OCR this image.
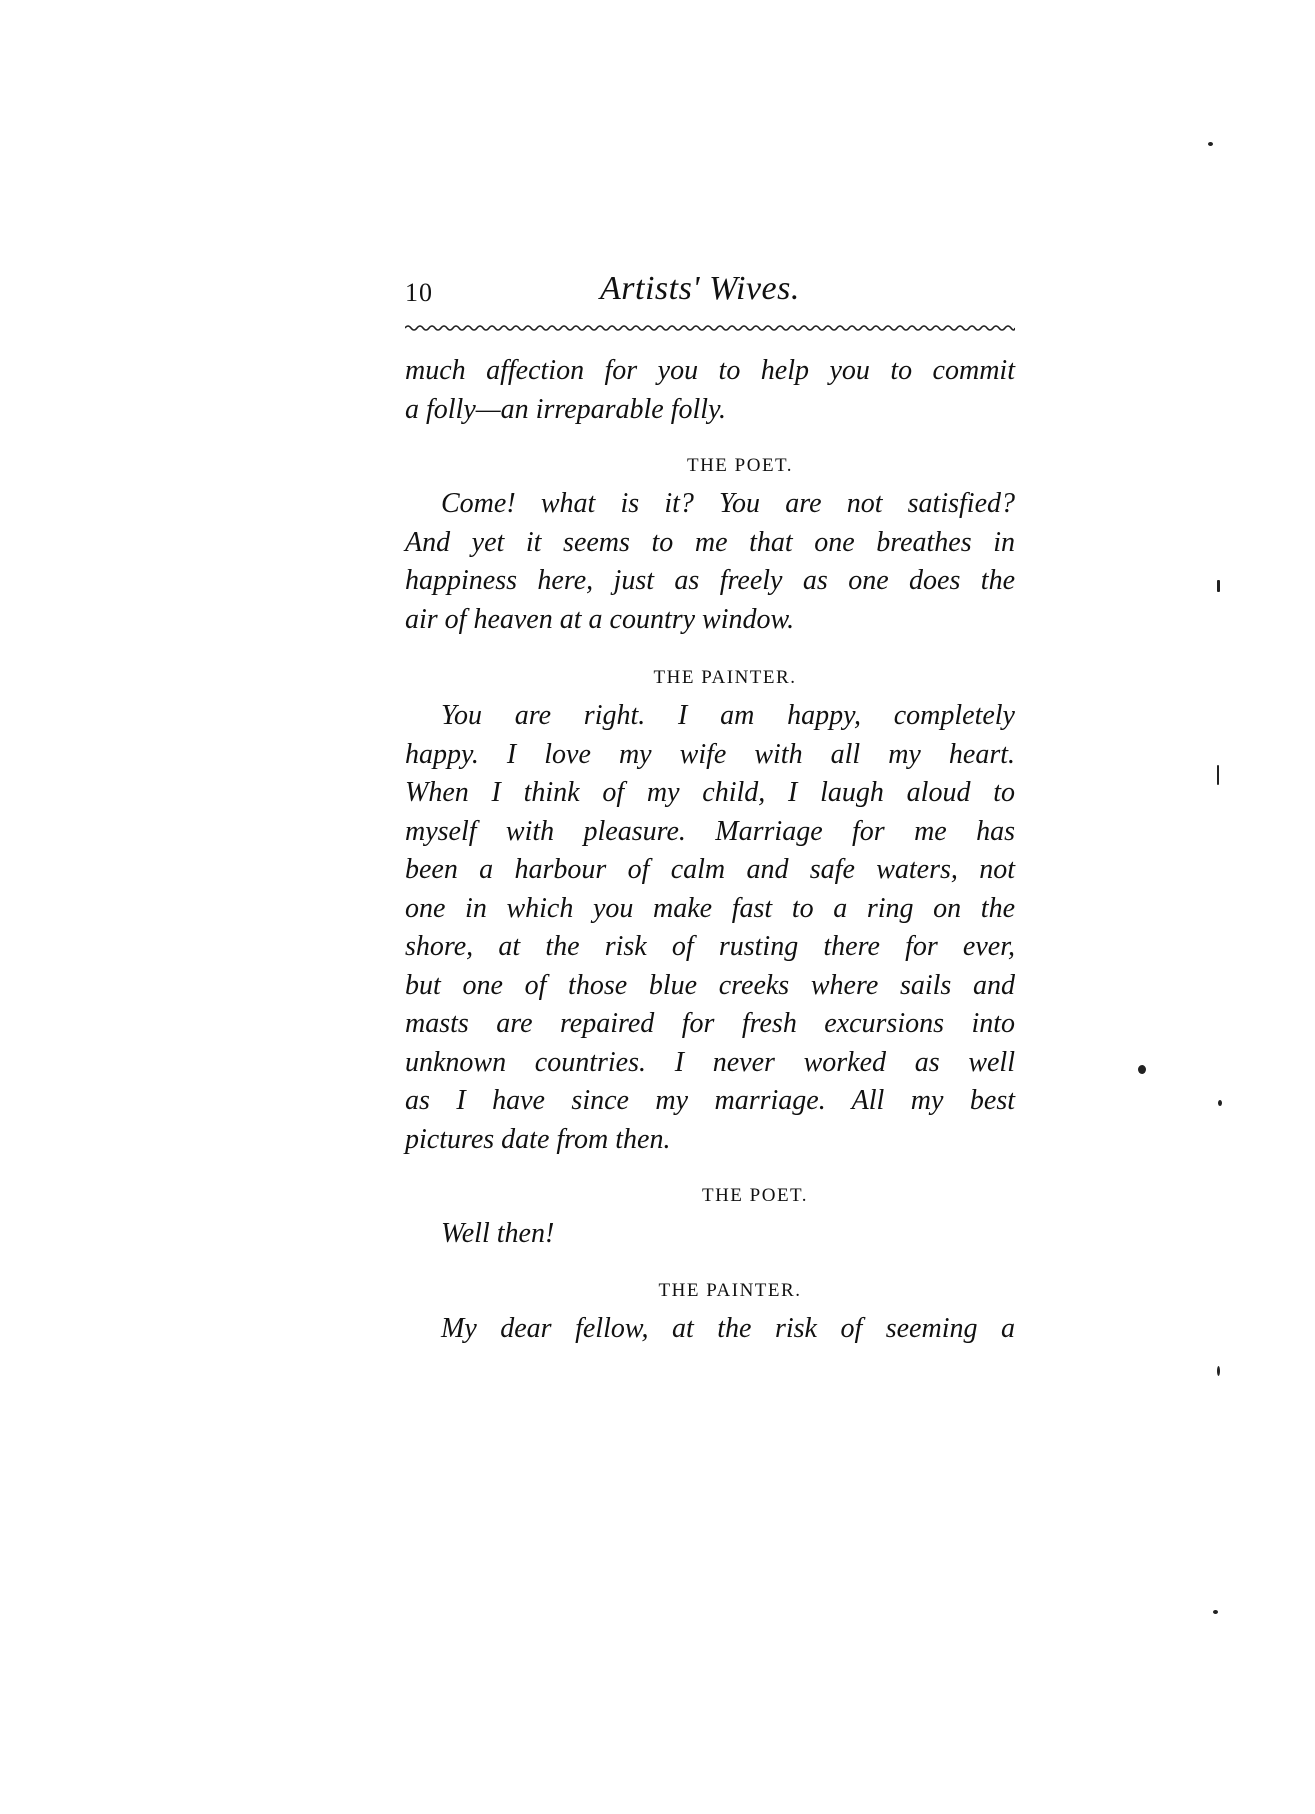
10	Artists' Wives.

much affection for you to help you to commit
a folly—an irreparable folly.

THE POET.

Come! what is it? You are not satisfied?
And yet it seems to me that one breathes in
happiness here, just as freely as one does the
air of heaven at a country window.

THE PAINTER.

You are right. I am happy, completely
happy. I love my wife with all my heart.
When I think of my child, I laugh aloud to
myself with pleasure. Marriage for me has
been a harbour of calm and safe waters, not
one in which you make fast to a ring on the
shore, at the risk of rusting there for ever,
but one of those blue creeks where sails and
masts are repaired for fresh excursions into
unknown countries. I never worked as well
as I have since my marriage. All my best
pictures date from then.

THE POET.

Well then!

THE PAINTER.

My dear fellow, at the risk of seeming a
